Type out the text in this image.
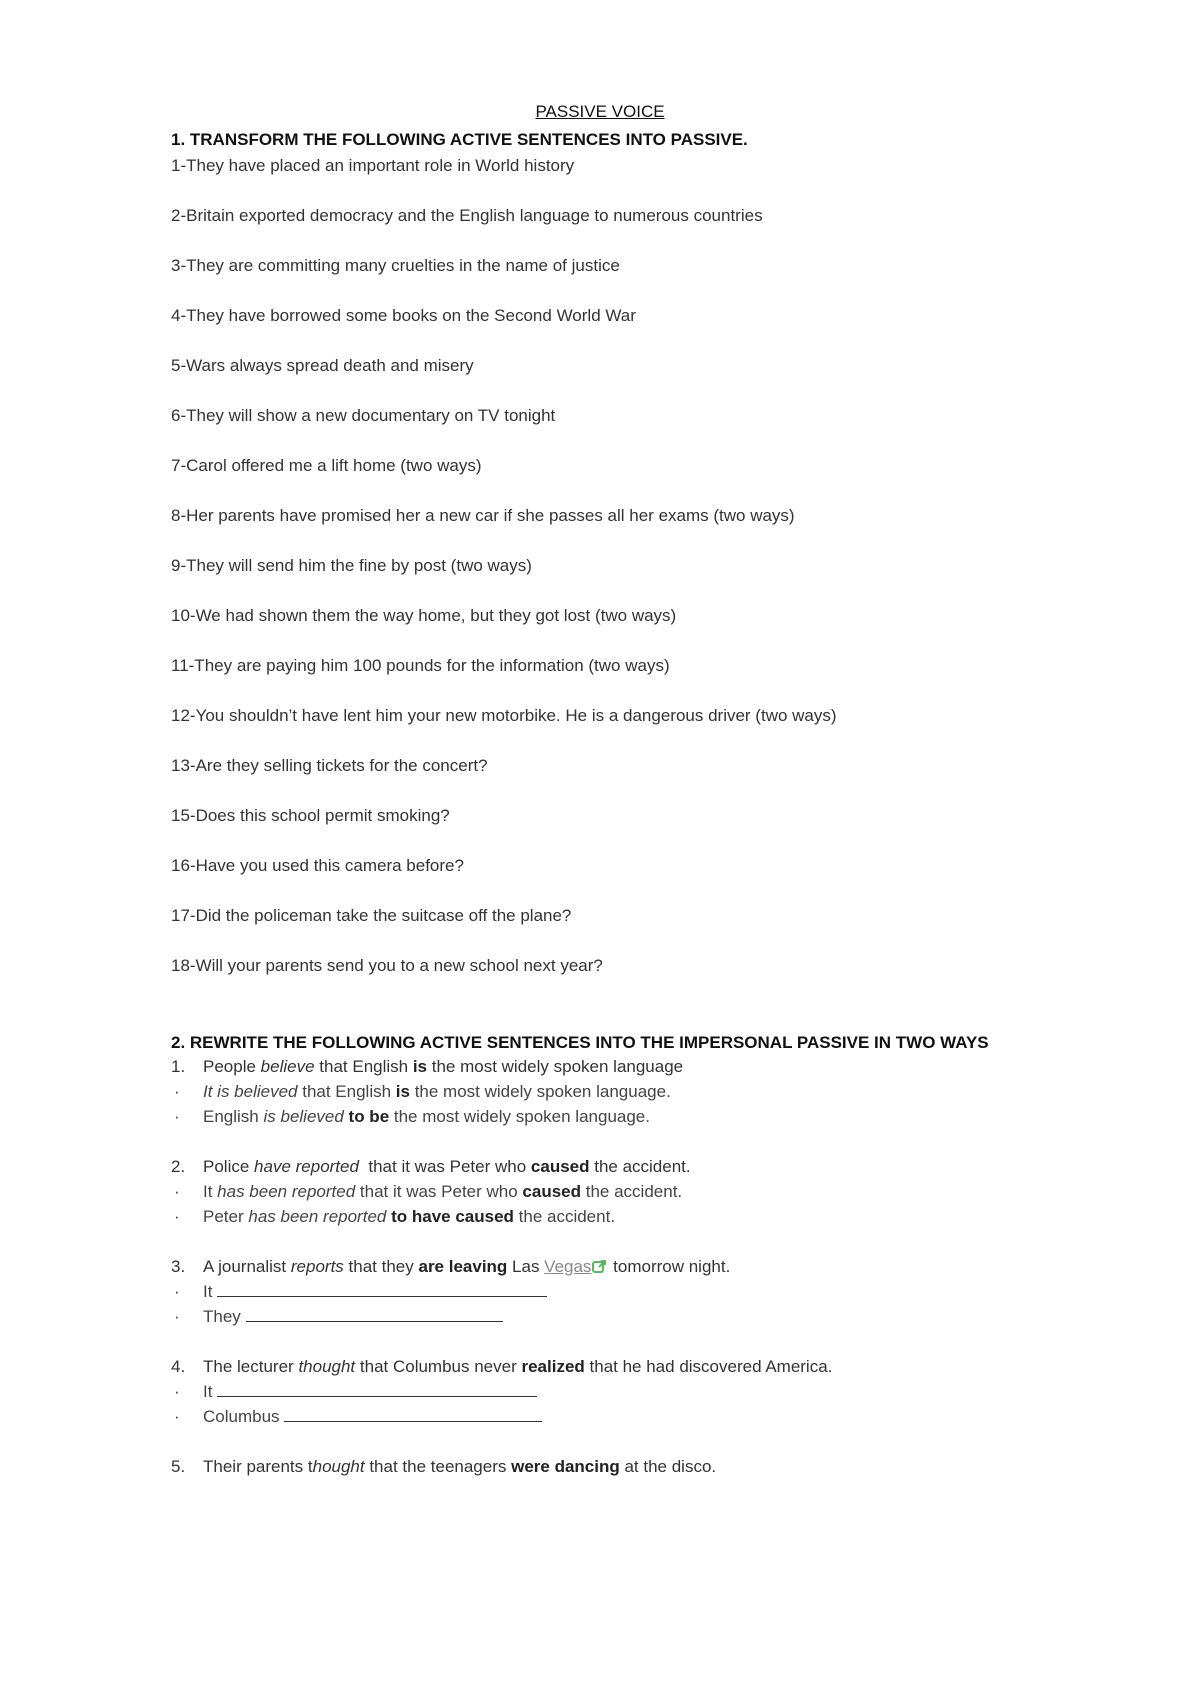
PASSIVE VOICE
1. TRANSFORM THE FOLLOWING ACTIVE SENTENCES INTO PASSIVE.
1-They have placed an important role in World history
2-Britain exported democracy and the English language to numerous countries
3-They are committing many cruelties in the name of justice
4-They have borrowed some books on the Second World War
5-Wars always spread death and misery
6-They will show a new documentary on TV tonight
7-Carol offered me a lift home (two ways)
8-Her parents have promised her a new car if she passes all her exams (two ways)
9-They will send him the fine by post (two ways)
10-We had shown them the way home, but they got lost (two ways)
11-They are paying him 100 pounds for the information (two ways)
12-You shouldn’t have lent him your new motorbike. He is a dangerous driver (two ways)
13-Are they selling tickets for the concert?
15-Does this school permit smoking?
16-Have you used this camera before?
17-Did the policeman take the suitcase off the plane?
18-Will your parents send you to a new school next year?
2. REWRITE THE FOLLOWING ACTIVE SENTENCES INTO THE IMPERSONAL PASSIVE IN TWO WAYS
1. People believe that English is the most widely spoken language
· It is believed that English is the most widely spoken language.
· English is believed to be the most widely spoken language.
2. Police have reported  that it was Peter who caused the accident.
· It has been reported that it was Peter who caused the accident.
· Peter has been reported to have caused the accident.
3. A journalist reports that they are leaving Las Vegas tomorrow night.
· It
· They
4. The lecturer thought that Columbus never realized that he had discovered America.
· It
· Columbus
5. Their parents thought that the teenagers were dancing at the disco.
